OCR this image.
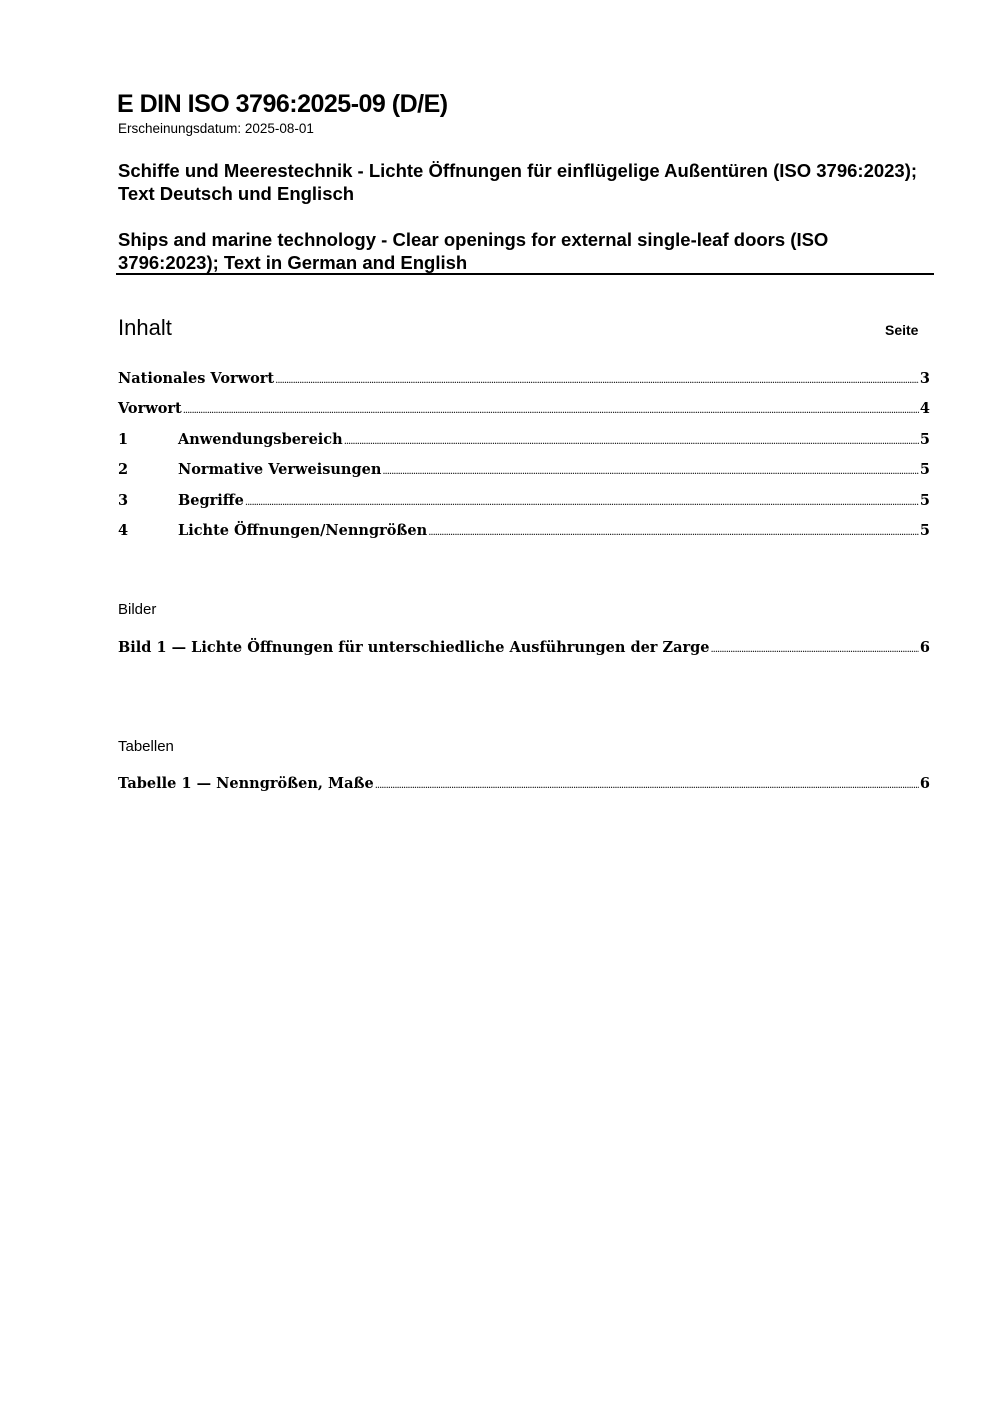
E DIN ISO 3796:2025-09 (D/E)
Erscheinungsdatum: 2025-08-01
Schiffe und Meerestechnik - Lichte Öffnungen für einflügelige Außentüren (ISO 3796:2023); Text Deutsch und Englisch
Ships and marine technology - Clear openings for external single-leaf doors (ISO 3796:2023); Text in German and English
Inhalt	Seite
Nationales Vorwort .....	3
Vorwort .....	4
1	Anwendungsbereich .....	5
2	Normative Verweisungen .....	5
3	Begriffe .....	5
4	Lichte Öffnungen/Nenngrößen .....	5
Bilder
Bild 1 — Lichte Öffnungen für unterschiedliche Ausführungen der Zarge .....	6
Tabellen
Tabelle 1 — Nenngrößen, Maße .....	6
